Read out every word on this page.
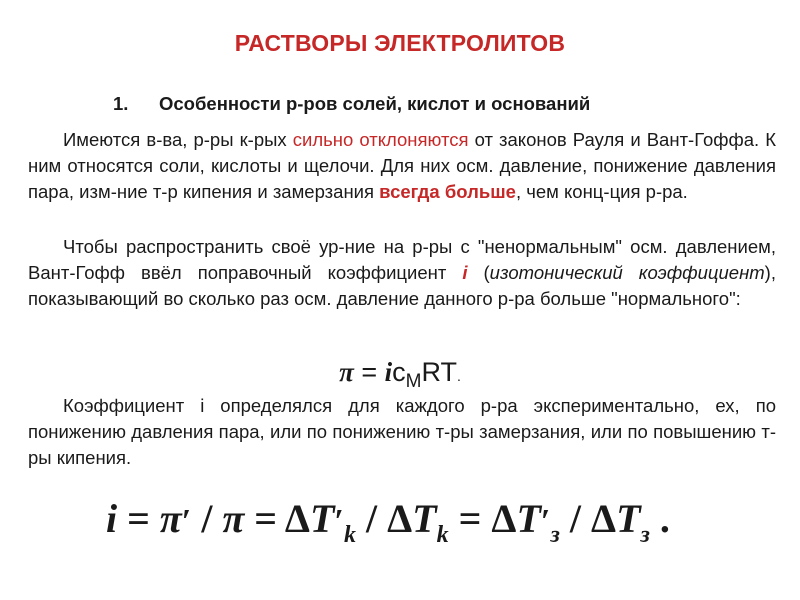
РАСТВОРЫ ЭЛЕКТРОЛИТОВ
1. Особенности р-ров солей, кислот и оснований

Имеются в-ва, р-ры к-рых сильно отклоняются от законов Рауля и Вант-Гоффа. К ним относятся соли, кислоты и щелочи. Для них осм. давление, понижение давления пара, изм-ние т-р кипения и замерзания всегда больше, чем конц-ция р-ра.

Чтобы распространить своё ур-ние на р-ры с "ненормальным" осм. давлением, Вант-Гофф ввёл поправочный коэффициент i (изотонический коэффициент), показывающий во сколько раз осм. давление данного р-ра больше "нормального":

$\pi = ic_MRT$.

Коэффициент i определялся для каждого р-ра экспериментально, ех, по понижению давления пара, или по понижению т-ры замерзания, или по повышению т-ры кипения.

$i = \pi' / \pi = \Delta T'_k / \Delta T_k = \Delta T'_з / \Delta T_з$ .
